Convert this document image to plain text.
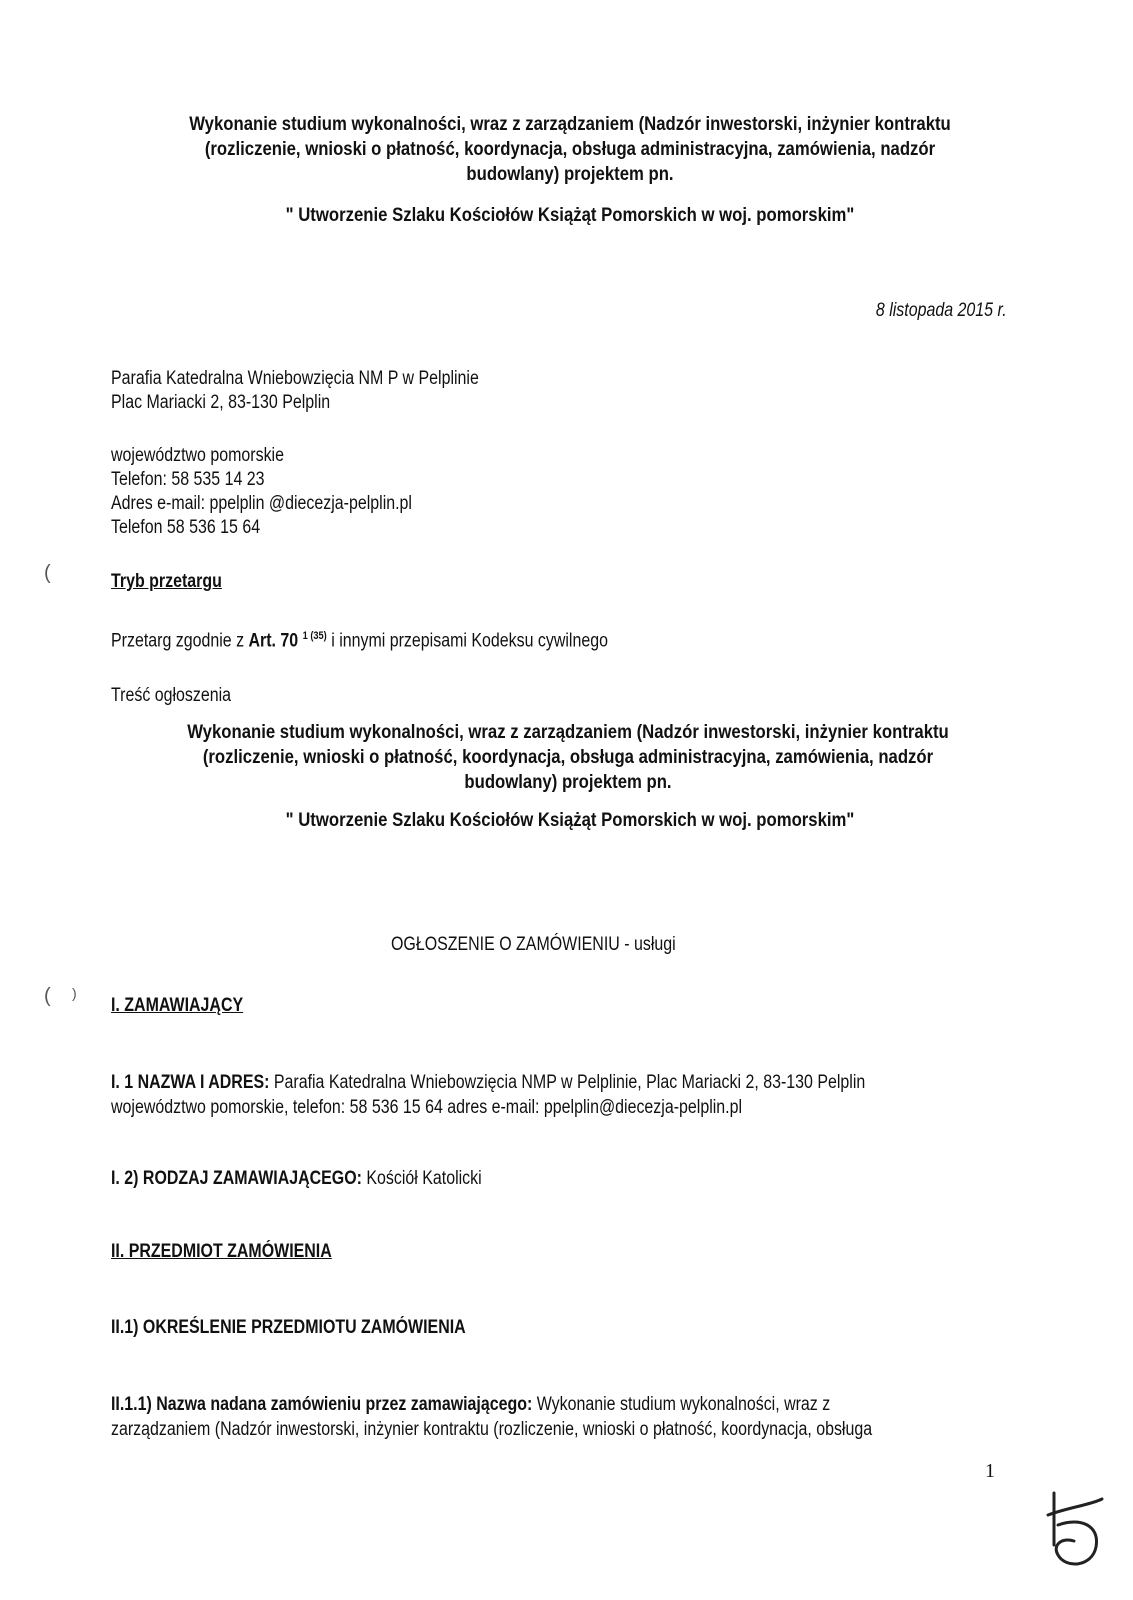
Wykonanie studium wykonalności, wraz z zarządzaniem (Nadzór inwestorski, inżynier kontraktu
(rozliczenie, wnioski o płatność, koordynacja, obsługa administracyjna, zamówienia, nadzór
budowlany) projektem pn.
" Utworzenie Szlaku Kościołów Książąt Pomorskich w woj. pomorskim"
8 listopada 2015 r.
Parafia Katedralna Wniebowzięcia NM P w Pelplinie
Plac Mariacki 2, 83-130 Pelplin
województwo pomorskie
Telefon: 58 535 14 23
Adres e-mail: ppelplin @diecezja-pelplin.pl
Telefon 58 536 15 64
(
( )
Tryb przetargu
Przetarg zgodnie z Art. 70 $^{1 (35)}$ i innymi przepisami Kodeksu cywilnego
Treść ogłoszenia
Wykonanie studium wykonalności, wraz z zarządzaniem (Nadzór inwestorski, inżynier kontraktu
(rozliczenie, wnioski o płatność, koordynacja, obsługa administracyjna, zamówienia, nadzór
budowlany) projektem pn.
" Utworzenie Szlaku Kościołów Książąt Pomorskich w woj. pomorskim"
OGŁOSZENIE O ZAMÓWIENIU - usługi
I. ZAMAWIAJĄCY
I. 1 NAZWA I ADRES: Parafia Katedralna Wniebowzięcia NMP w Pelplinie, Plac Mariacki 2, 83-130 Pelplin
województwo pomorskie, telefon: 58 536 15 64 adres e-mail: ppelplin@diecezja-pelplin.pl
I. 2) RODZAJ ZAMAWIAJĄCEGO: Kościół Katolicki
II. PRZEDMIOT ZAMÓWIENIA
II.1) OKREŚLENIE PRZEDMIOTU ZAMÓWIENIA
II.1.1) Nazwa nadana zamówieniu przez zamawiającego: Wykonanie studium wykonalności, wraz z
zarządzaniem (Nadzór inwestorski, inżynier kontraktu (rozliczenie, wnioski o płatność, koordynacja, obsługa
1
